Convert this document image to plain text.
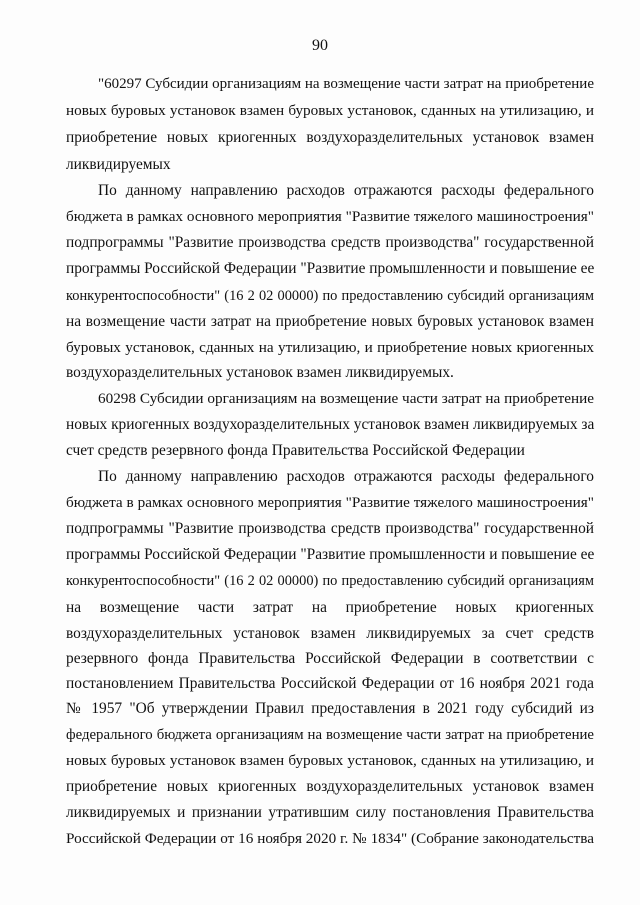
90
"60297 Субсидии организациям на возмещение части затрат на приобретение
новых буровых установок взамен буровых установок, сданных на утилизацию, и
приобретение новых криогенных воздухоразделительных установок взамен
ликвидируемых
По данному направлению расходов отражаются расходы федерального
бюджета в рамках основного мероприятия "Развитие тяжелого машиностроения"
подпрограммы "Развитие производства средств производства" государственной
программы Российской Федерации "Развитие промышленности и повышение ее
конкурентоспособности" (16 2 02 00000) по предоставлению субсидий организациям
на возмещение части затрат на приобретение новых буровых установок взамен
буровых установок, сданных на утилизацию, и приобретение новых криогенных
воздухоразделительных установок взамен ликвидируемых.
60298 Субсидии организациям на возмещение части затрат на приобретение
новых криогенных воздухоразделительных установок взамен ликвидируемых за
счет средств резервного фонда Правительства Российской Федерации
По данному направлению расходов отражаются расходы федерального
бюджета в рамках основного мероприятия "Развитие тяжелого машиностроения"
подпрограммы "Развитие производства средств производства" государственной
программы Российской Федерации "Развитие промышленности и повышение ее
конкурентоспособности" (16 2 02 00000) по предоставлению субсидий организациям
на возмещение части затрат на приобретение новых криогенных
воздухоразделительных установок взамен ликвидируемых за счет средств
резервного фонда Правительства Российской Федерации в соответствии с
постановлением Правительства Российской Федерации от 16 ноября 2021 года
№ 1957 "Об утверждении Правил предоставления в 2021 году субсидий из
федерального бюджета организациям на возмещение части затрат на приобретение
новых буровых установок взамен буровых установок, сданных на утилизацию, и
приобретение новых криогенных воздухоразделительных установок взамен
ликвидируемых и признании утратившим силу постановления Правительства
Российской Федерации от 16 ноября 2020 г. № 1834" (Собрание законодательства
